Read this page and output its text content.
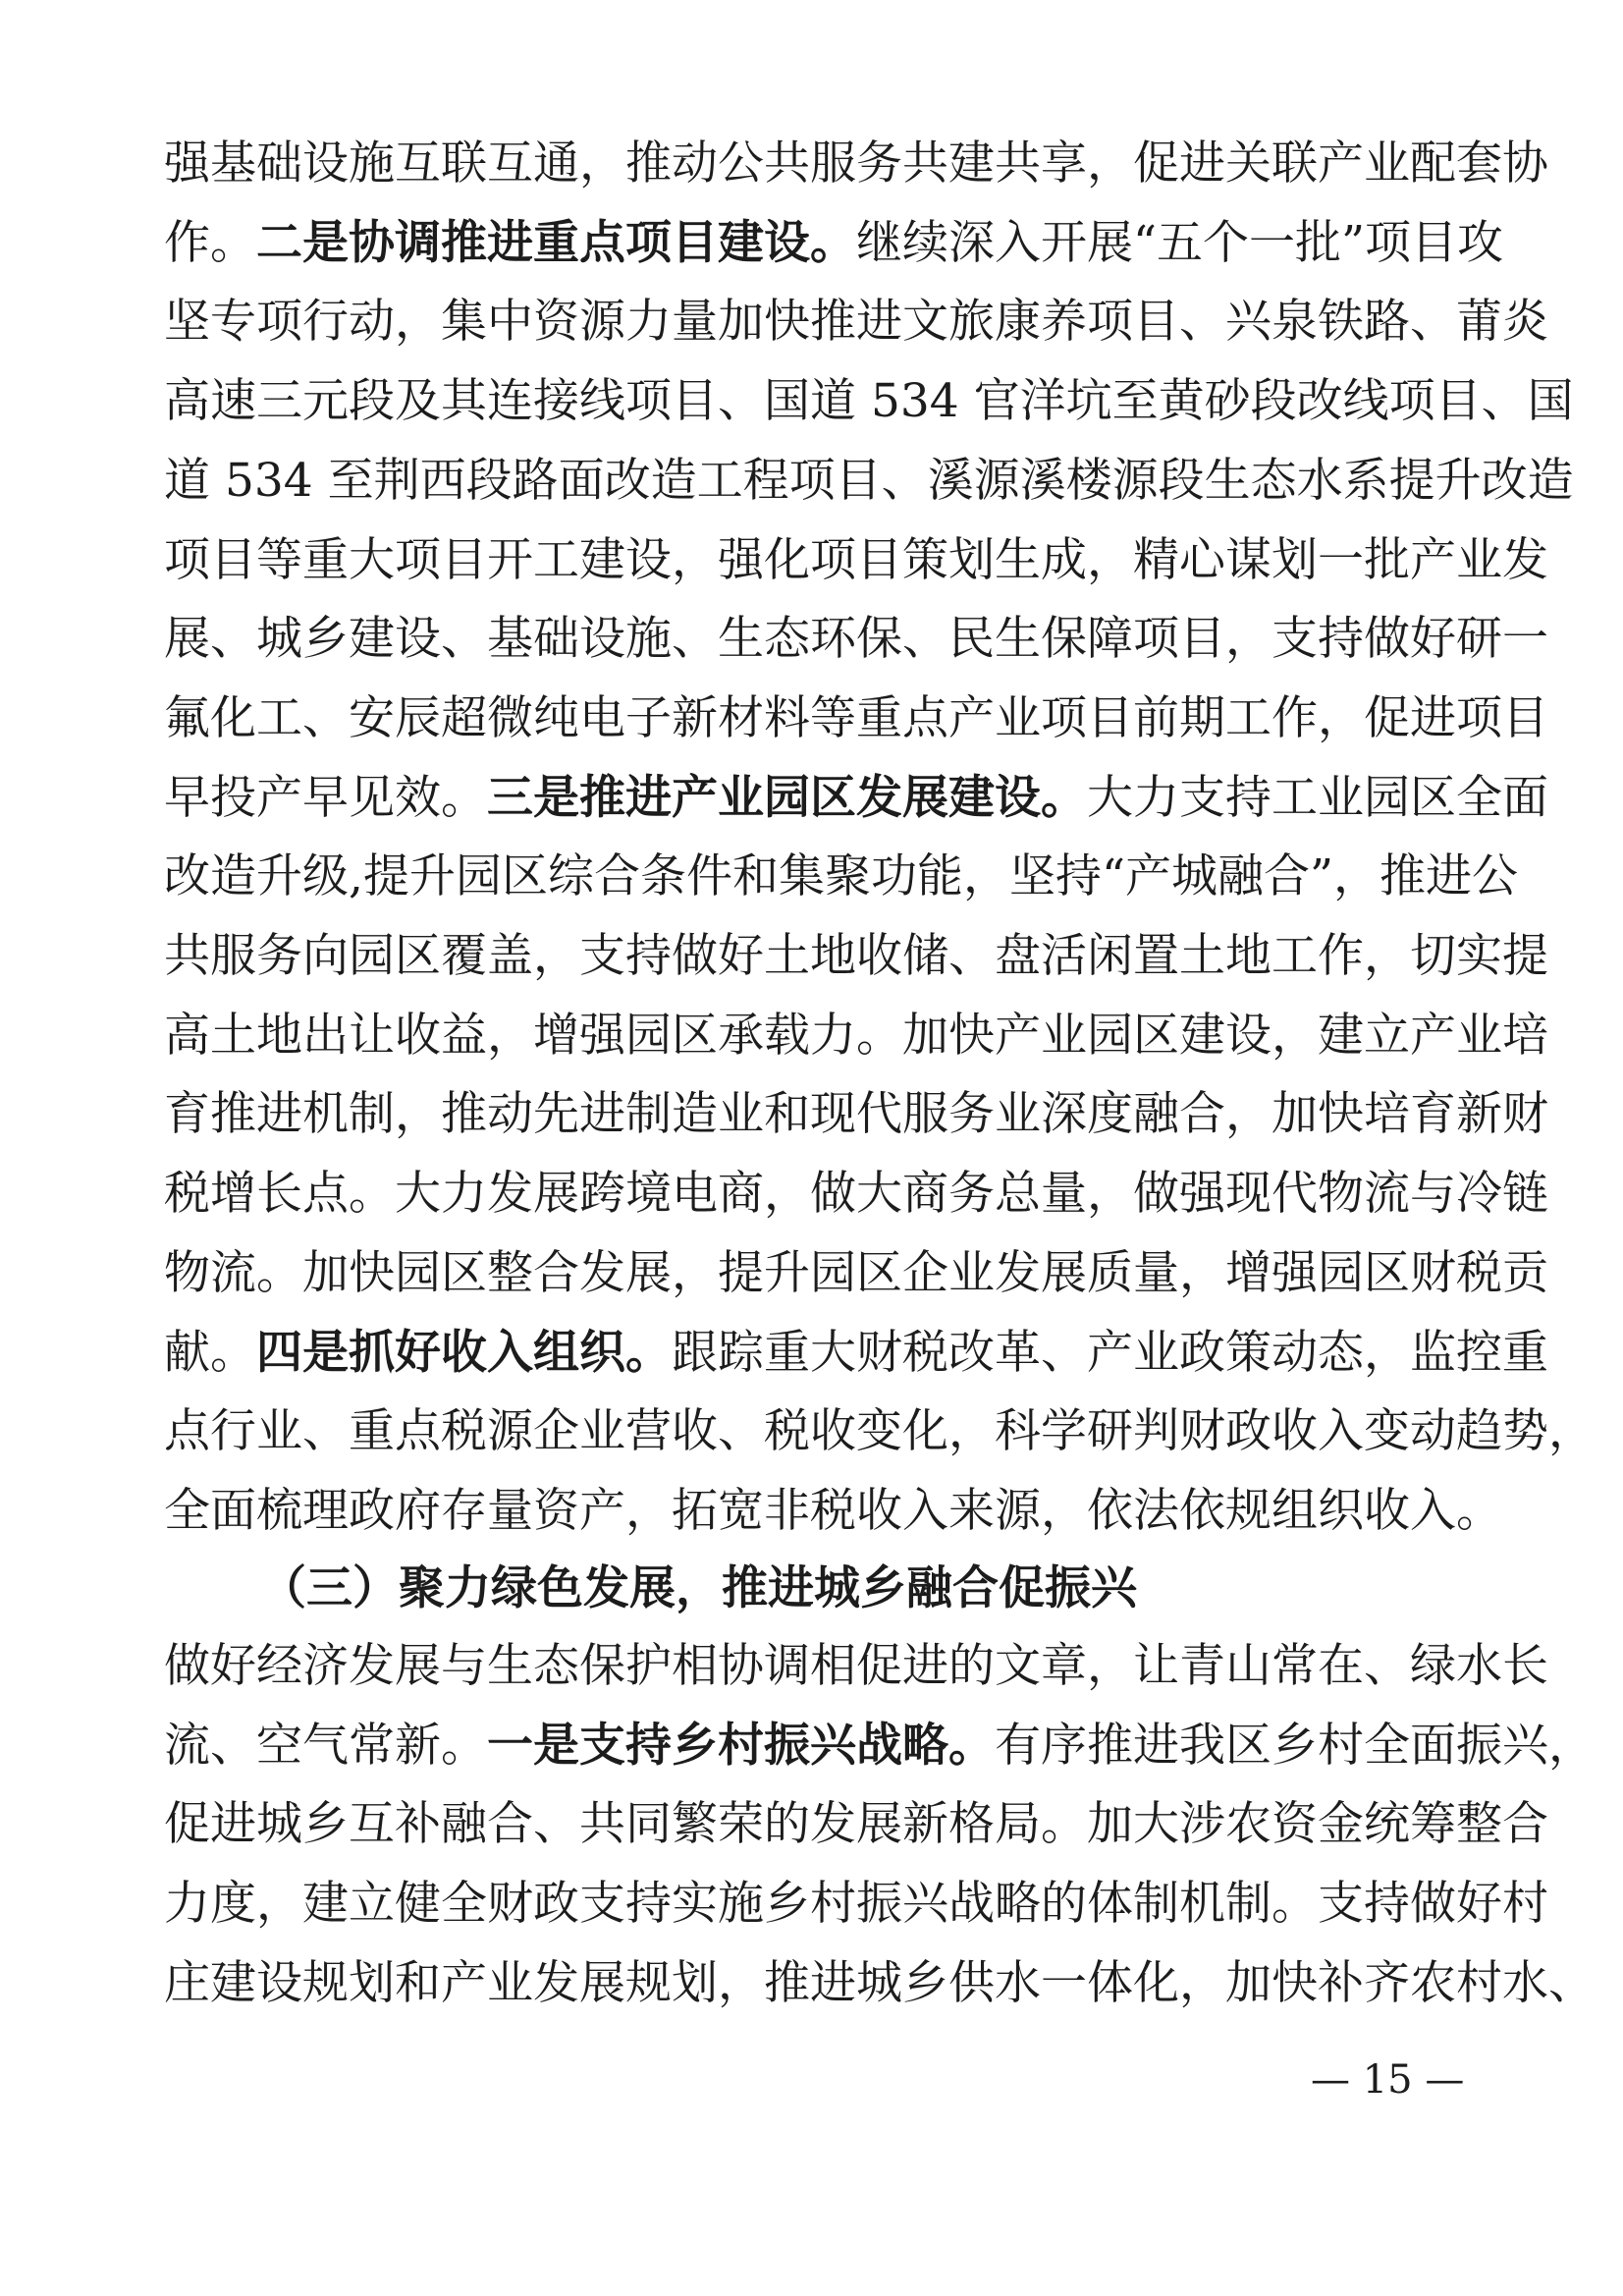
强基础设施互联互通，推动公共服务共建共享，促进关联产业配套协
作。二是协调推进重点项目建设。继续深入开展“五个一批”项目攻
坚专项行动，集中资源力量加快推进文旅康养项目、兴泉铁路、莆炎
高速三元段及其连接线项目、国道 534 官洋坑至黄砂段改线项目、国
道 534 至荆西段路面改造工程项目、溪源溪楼源段生态水系提升改造
项目等重大项目开工建设，强化项目策划生成，精心谋划一批产业发
展、城乡建设、基础设施、生态环保、民生保障项目，支持做好研一
氟化工、安辰超微纯电子新材料等重点产业项目前期工作，促进项目
早投产早见效。三是推进产业园区发展建设。大力支持工业园区全面
改造升级,提升园区综合条件和集聚功能，坚持“产城融合”，推进公
共服务向园区覆盖，支持做好土地收储、盘活闲置土地工作，切实提
高土地出让收益，增强园区承载力。加快产业园区建设，建立产业培
育推进机制，推动先进制造业和现代服务业深度融合，加快培育新财
税增长点。大力发展跨境电商，做大商务总量，做强现代物流与冷链
物流。加快园区整合发展，提升园区企业发展质量，增强园区财税贡
献。四是抓好收入组织。跟踪重大财税改革、产业政策动态，监控重
点行业、重点税源企业营收、税收变化，科学研判财政收入变动趋势，
全面梳理政府存量资产，拓宽非税收入来源，依法依规组织收入。
（三）聚力绿色发展，推进城乡融合促振兴
做好经济发展与生态保护相协调相促进的文章，让青山常在、绿水长
流、空气常新。一是支持乡村振兴战略。有序推进我区乡村全面振兴，
促进城乡互补融合、共同繁荣的发展新格局。加大涉农资金统筹整合
力度，建立健全财政支持实施乡村振兴战略的体制机制。支持做好村
庄建设规划和产业发展规划，推进城乡供水一体化，加快补齐农村水、
— 15 —
